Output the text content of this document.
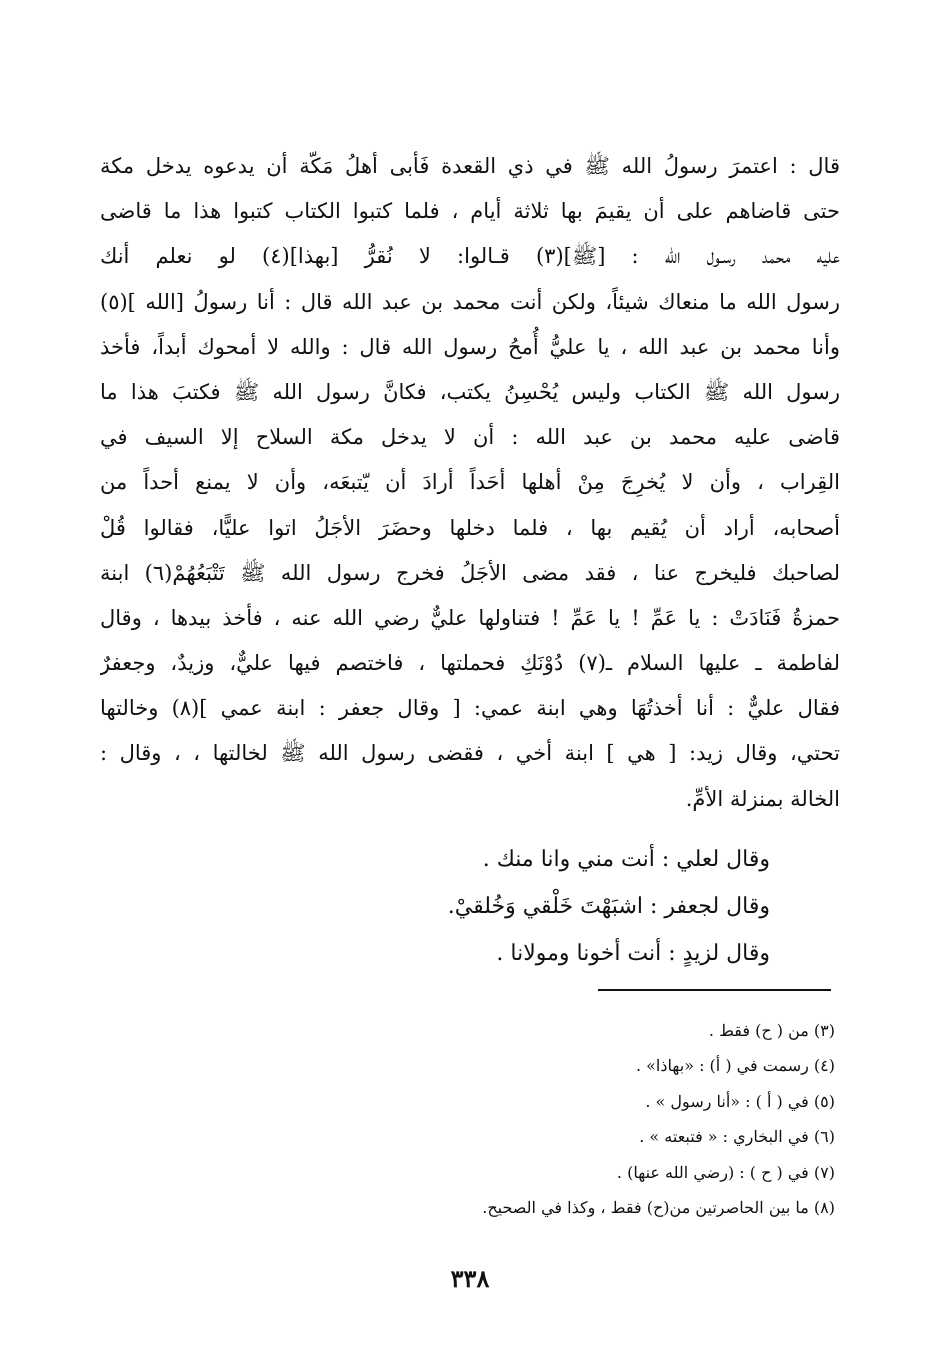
قال : اعتمرَ رسولُ الله ﷺ في ذي القعدة فَأبى أهلُ مَكّة أن يدعوه يدخل مكة
حتى قاضاهم على أن يقيمَ بها ثلاثة أيام ، فلما كتبوا الكتاب كتبوا هذا ما قاضى
عليه محمد رسـول الله : [ﷺ](٣) قـالوا: لا نُقرُّ [بهذا](٤) لو نعلم أنك
رسول الله ما منعاك شيئاً، ولكن أنت محمد بن عبد الله قال : أنا رسولُ [الله ](٥)
وأنا محمد بن عبد الله ، يا عليُّ أُمحُ رسول الله قال : والله لا أمحوك أبداً، فأخذ
رسول الله ﷺ الكتاب وليس يُحْسِنُ يكتب، فكانَّ رسول الله ﷺ فكتبَ هذا ما
قاضى عليه محمد بن عبد الله : أن لا يدخل مكة السلاح إلا السيف في
القِراب ، وأن لا يُخرِجَ مِنْ أهلها أحَداً أرادَ أن يّتبعَه، وأن لا يمنع أحداً من
أصحابه، أراد أن يُقيم بها ، فلما دخلها وحضَرَ الأجَلُ اتوا عليًّا، فقالوا قُلْ
لصاحبك فليخرج عنا ، فقد مضى الأجَلُ فخرج رسول الله ﷺ تَتْبَعُهُمْ(٦) ابنة
حمزةُ فَنَادَتْ : يا عَمِّ ! يا عَمِّ ! فتناولها عليٌّ رضي الله عنه ، فأخذ بيدها ، وقال
لفاطمة ـ عليها السلام ـ(٧) دُوْنَكِ فحملتها ، فاختصم فيها عليٌّ، وزيدٌ، وجعفرٌ
فقال عليٌّ : أنا أخذتُهَا وهي ابنة عمي: [ وقال جعفر : ابنة عمي ](٨) وخالتها
تحتي، وقال زيد: [ هي ] ابنة أخي ، فقضى رسول الله ﷺ لخالتها ، ، وقال :
الخالة بمنزلة الأمِّ.
وقال لعلي : أنت مني وانا منك .
وقال لجعفر : اشبَهْتَ خَلْقي وَخُلقيْ.
وقال لزيدٍ : أنت أخونا ومولانا .
(٣) من ( ح) فقط .
(٤) رسمت في ( أ) : «بهاذا» .
(٥) في ( أ ) : «أنا رسول » .
(٦) في البخاري : « فتبعته » .
(٧) في ( ح ) : (رضي الله عنها) .
(٨) ما بين الحاصرتين من(ح) فقط ، وكذا في الصحيح.
٣٣٨
